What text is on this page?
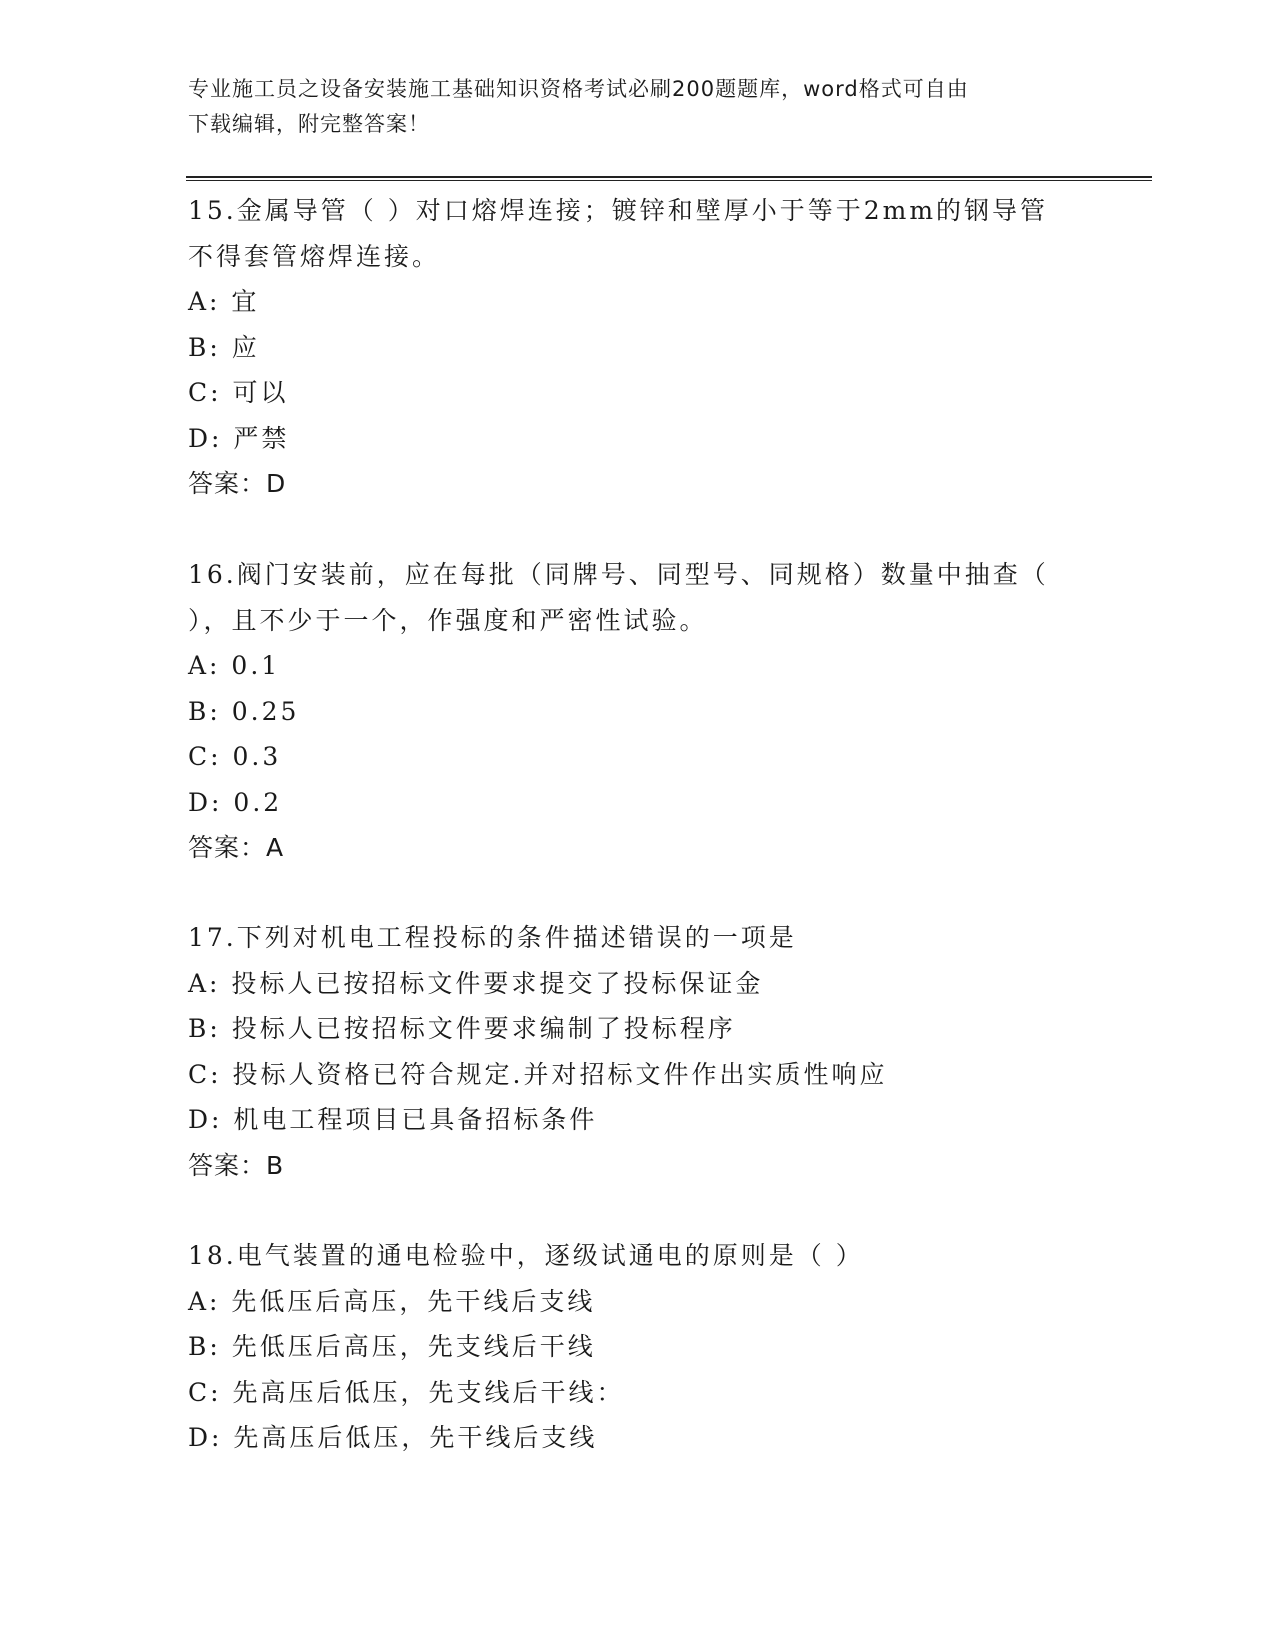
专业施工员之设备安装施工基础知识资格考试必刷200题题库，word格式可自由
下载编辑，附完整答案！

15.金属导管（ ）对口熔焊连接；镀锌和壁厚小于等于2mm的钢导管

不得套管熔焊连接。

A: 宜

B: 应

C: 可以

D: 严禁

答案：D

16.阀门安装前，应在每批（同牌号、同型号、同规格）数量中抽查（

），且不少于一个，作强度和严密性试验。

A: 0.1

B: 0.25

C: 0.3

D: 0.2

答案：A

17.下列对机电工程投标的条件描述错误的一项是

A: 投标人已按招标文件要求提交了投标保证金

B: 投标人已按招标文件要求编制了投标程序

C: 投标人资格已符合规定.并对招标文件作出实质性响应

D: 机电工程项目已具备招标条件

答案：B

18.电气装置的通电检验中，逐级试通电的原则是（ ）

A: 先低压后高压，先干线后支线

B: 先低压后高压，先支线后干线

C: 先高压后低压，先支线后干线：

D: 先高压后低压，先干线后支线
